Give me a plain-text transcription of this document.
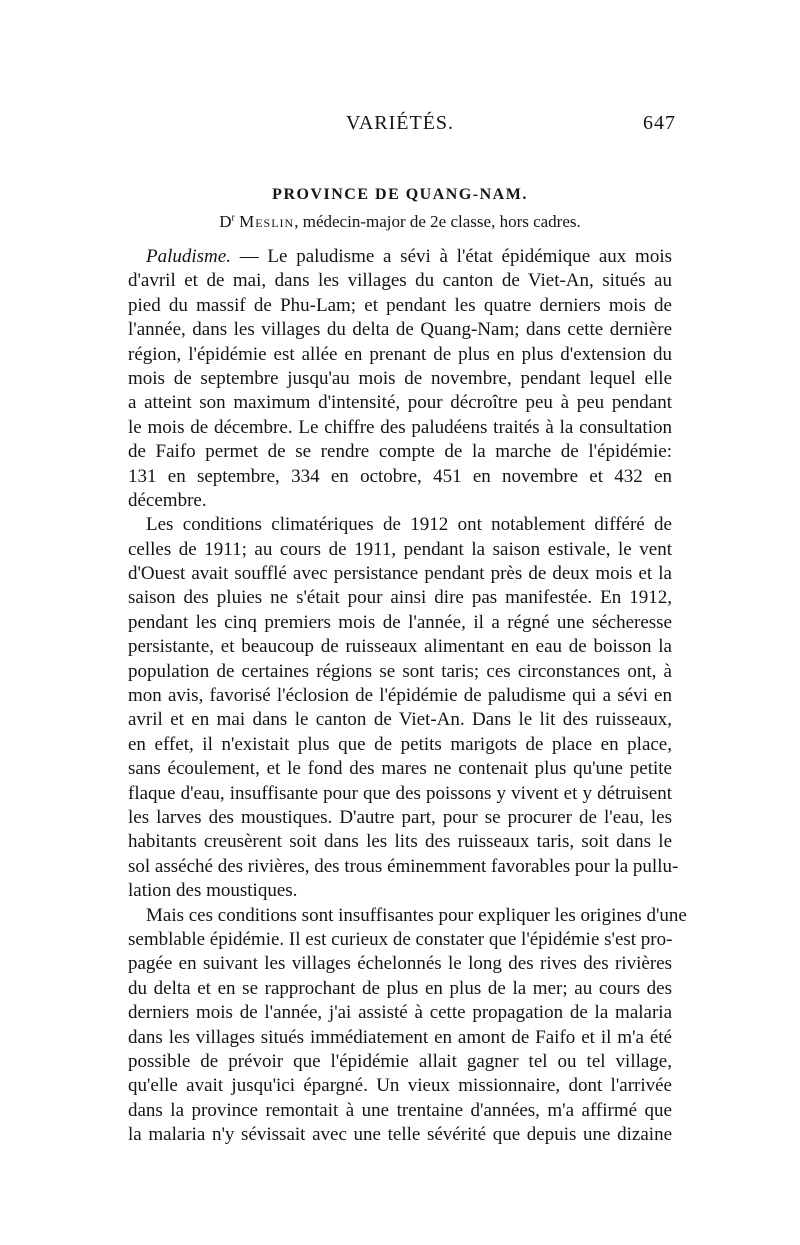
VARIÉTÉS.	647
PROVINCE DE QUANG-NAM.
$D^r$ Meslin, médecin-major de 2e classe, hors cadres.
Paludisme. — Le paludisme a sévi à l'état épidémique aux mois
d'avril et de mai, dans les villages du canton de Viet-An, situés au
pied du massif de Phu-Lam; et pendant les quatre derniers mois de
l'année, dans les villages du delta de Quang-Nam; dans cette dernière
région, l'épidémie est allée en prenant de plus en plus d'extension du
mois de septembre jusqu'au mois de novembre, pendant lequel elle
a atteint son maximum d'intensité, pour décroître peu à peu pendant
le mois de décembre. Le chiffre des paludéens traités à la consultation
de Faifo permet de se rendre compte de la marche de l'épidémie:
131 en septembre, 334 en octobre, 451 en novembre et 432 en
décembre.
Les conditions climatériques de 1912 ont notablement différé de
celles de 1911; au cours de 1911, pendant la saison estivale, le vent
d'Ouest avait soufflé avec persistance pendant près de deux mois et la
saison des pluies ne s'était pour ainsi dire pas manifestée. En 1912,
pendant les cinq premiers mois de l'année, il a régné une sécheresse
persistante, et beaucoup de ruisseaux alimentant en eau de boisson la
population de certaines régions se sont taris; ces circonstances ont, à
mon avis, favorisé l'éclosion de l'épidémie de paludisme qui a sévi en
avril et en mai dans le canton de Viet-An. Dans le lit des ruisseaux,
en effet, il n'existait plus que de petits marigots de place en place,
sans écoulement, et le fond des mares ne contenait plus qu'une petite
flaque d'eau, insuffisante pour que des poissons y vivent et y détruisent
les larves des moustiques. D'autre part, pour se procurer de l'eau, les
habitants creusèrent soit dans les lits des ruisseaux taris, soit dans le
sol asséché des rivières, des trous éminemment favorables pour la pullu-
lation des moustiques.
Mais ces conditions sont insuffisantes pour expliquer les origines d'une
semblable épidémie. Il est curieux de constater que l'épidémie s'est pro-
pagée en suivant les villages échelonnés le long des rives des rivières
du delta et en se rapprochant de plus en plus de la mer; au cours des
derniers mois de l'année, j'ai assisté à cette propagation de la malaria
dans les villages situés immédiatement en amont de Faifo et il m'a été
possible de prévoir que l'épidémie allait gagner tel ou tel village,
qu'elle avait jusqu'ici épargné. Un vieux missionnaire, dont l'arrivée
dans la province remontait à une trentaine d'années, m'a affirmé que
la malaria n'y sévissait avec une telle sévérité que depuis une dizaine
